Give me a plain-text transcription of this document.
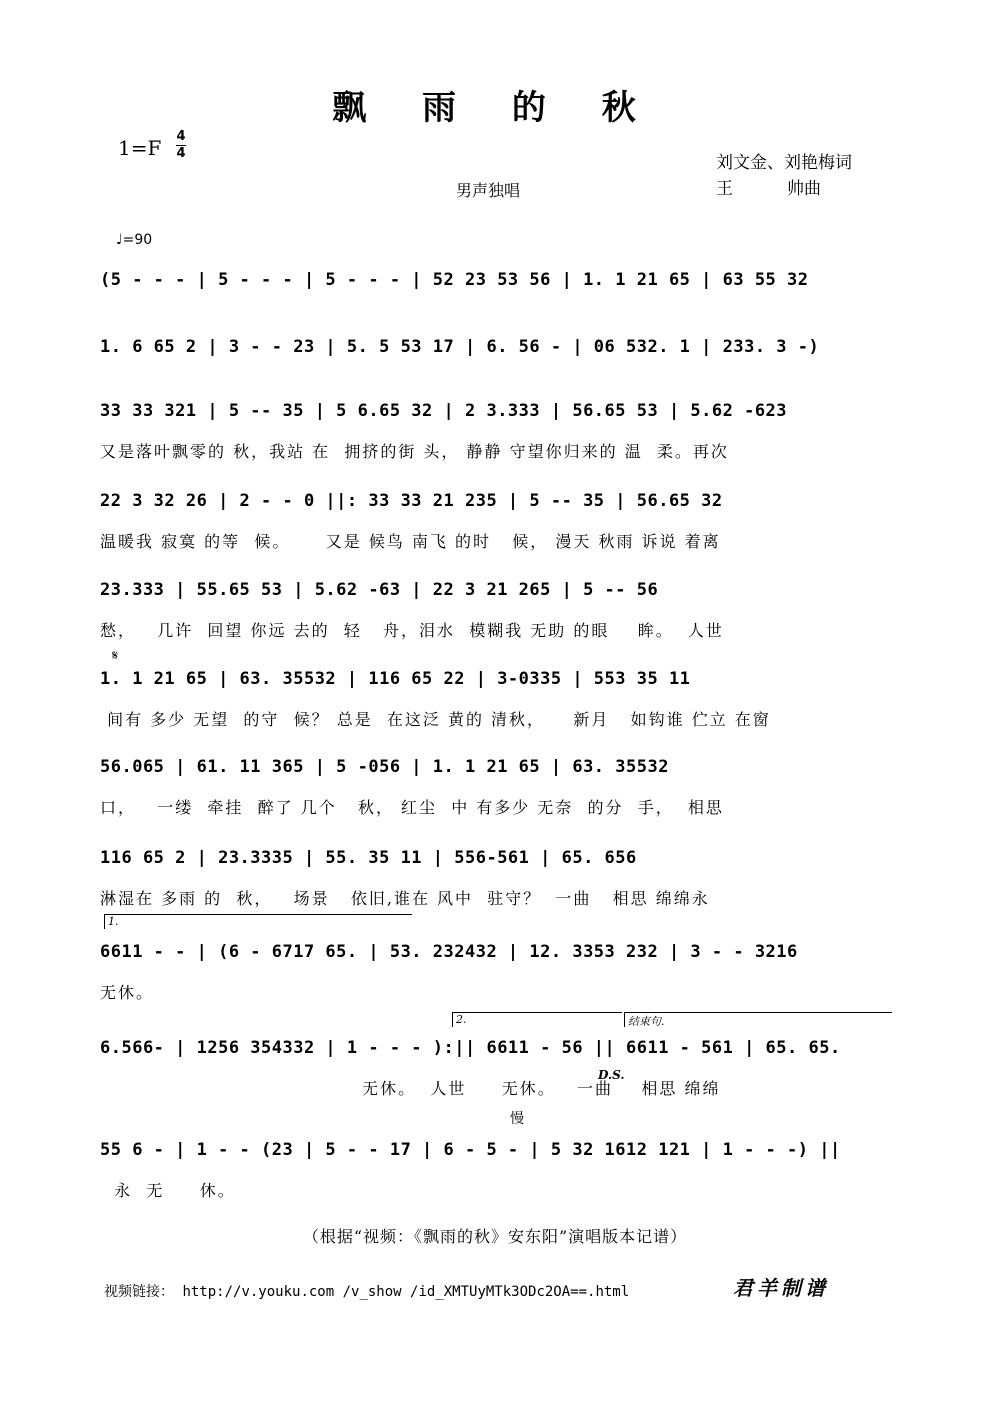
飘 雨 的 秋
1=F 4
4	刘文金、刘艳梅词
王          帅曲
男声独唱
♩=90
(5 - - - | 5 - - - | 5 - - - | 52 23 53 56 | 1. 1 21 65 | 63 55 32
1. 6 65 2 | 3 - - 23 | 5. 5 53 17 | 6. 56 - | 06 532. 1 | 233. 3 -)
33 33 321 | 5 -- 35 | 5 6.65 32 | 2 3.333 | 56.65 53 | 5.62 -623
又是落叶飘零的 秋，我站 在  拥挤的街 头， 静静 守望你归来的 温  柔。再次
22 3 32 26 | 2 - - 0 ||: 33 33 21 235 | 5 -- 35 | 56.65 32
温暖我 寂寞 的等  候。     又是 候鸟 南飞 的时   候， 漫天 秋雨 诉说 着离
23.333 | 55.65 53 | 5.62 -63 | 22 3 21 265 | 5 -- 56
愁，   几许  回望 你远 去的  轻   舟，泪水  模糊我 无助 的眼    眸。  人世
1. 1 21 65 | 63. 35532 | 116 65 22 | 3-0335 | 553 35 11
间有 多少 无望  的守  候？ 总是  在这泛 黄的 清秋，    新月   如钩谁 伫立 在窗
56.065 | 61. 11 365 | 5 -056 | 1. 1 21 65 | 63. 35532
口，   一缕  牵挂  醉了 几个   秋， 红尘  中 有多少 无奈  的分  手，  相思
116 65 2 | 23.3335 | 55. 35 11 | 556-561 | 65. 656
淋湿在 多雨 的  秋，   场景   依旧,谁在 风中  驻守？  一曲   相思 绵绵永
1.
6611 - - | (6 - 6717 65. | 53. 232432 | 12. 3353 232 | 3 - - 3216
无休。
2.	结束句.
6.566- | 1256 354332 | 1 - - - ):|| 6611 - 56 || 6611 - 561 | 65. 65.
无休。  人世     无休。   一曲    相思 绵绵
D.S.
𝄋
慢
55 6 - | 1 - - (23 | 5 - - 17 | 6 - 5 - | 5 32 1612 121 | 1 - - -) ||
永  无     休。
（根据“视频：《飘雨的秋》安东阳”演唱版本记谱）
视频链接： http://v.youku.com /v_show /id_XMTUyMTk3ODc2OA==.html	君羊制谱
